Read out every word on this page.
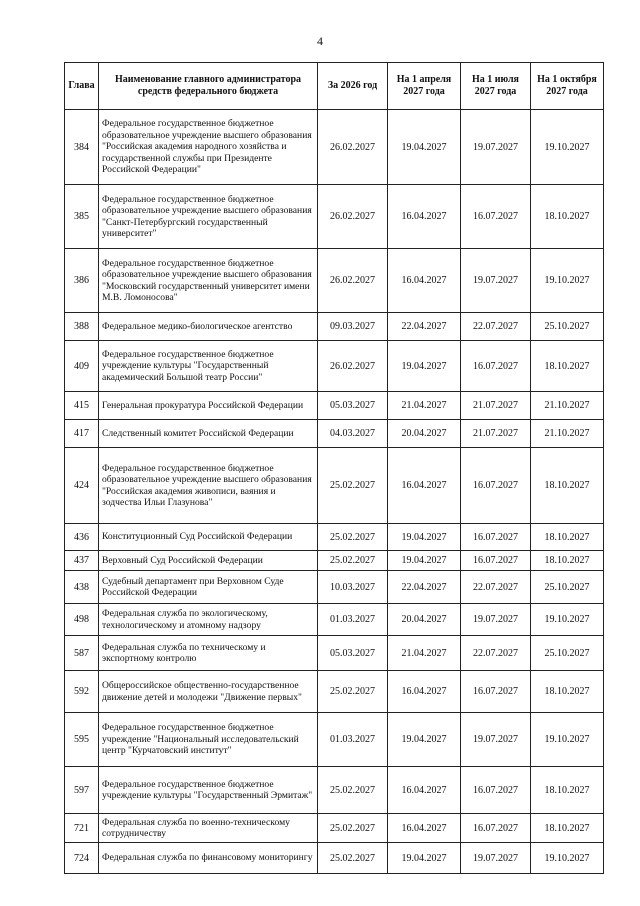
4
Глава	Наименование главного администратора средств федерального бюджета	За 2026 год	На 1 апреля 2027 года	На 1 июля 2027 года	На 1 октября 2027 года
384	Федеральное государственное бюджетное образовательное учреждение высшего образования "Российская академия народного хозяйства и государственной службы при Президенте Российской Федерации"	26.02.2027	19.04.2027	19.07.2027	19.10.2027
385	Федеральное государственное бюджетное образовательное учреждение высшего образования "Санкт-Петербургский государственный университет"	26.02.2027	16.04.2027	16.07.2027	18.10.2027
386	Федеральное государственное бюджетное образовательное учреждение высшего образования "Московский государственный университет имени М.В. Ломоносова"	26.02.2027	16.04.2027	19.07.2027	19.10.2027
388	Федеральное медико-биологическое агентство	09.03.2027	22.04.2027	22.07.2027	25.10.2027
409	Федеральное государственное бюджетное учреждение культуры "Государственный академический Большой театр России"	26.02.2027	19.04.2027	16.07.2027	18.10.2027
415	Генеральная прокуратура Российской Федерации	05.03.2027	21.04.2027	21.07.2027	21.10.2027
417	Следственный комитет Российской Федерации	04.03.2027	20.04.2027	21.07.2027	21.10.2027
424	Федеральное государственное бюджетное образовательное учреждение высшего образования "Российская академия живописи, ваяния и зодчества Ильи Глазунова"	25.02.2027	16.04.2027	16.07.2027	18.10.2027
436	Конституционный Суд Российской Федерации	25.02.2027	19.04.2027	16.07.2027	18.10.2027
437	Верховный Суд Российской Федерации	25.02.2027	19.04.2027	16.07.2027	18.10.2027
438	Судебный департамент при Верховном Суде Российской Федерации	10.03.2027	22.04.2027	22.07.2027	25.10.2027
498	Федеральная служба по экологическому, технологическому и атомному надзору	01.03.2027	20.04.2027	19.07.2027	19.10.2027
587	Федеральная служба по техническому и экспортному контролю	05.03.2027	21.04.2027	22.07.2027	25.10.2027
592	Общероссийское общественно-государственное движение детей и молодежи "Движение первых"	25.02.2027	16.04.2027	16.07.2027	18.10.2027
595	Федеральное государственное бюджетное учреждение "Национальный исследовательский центр "Курчатовский институт"	01.03.2027	19.04.2027	19.07.2027	19.10.2027
597	Федеральное государственное бюджетное учреждение культуры "Государственный Эрмитаж"	25.02.2027	16.04.2027	16.07.2027	18.10.2027
721	Федеральная служба по военно-техническому сотрудничеству	25.02.2027	16.04.2027	16.07.2027	18.10.2027
724	Федеральная служба по финансовому мониторингу	25.02.2027	19.04.2027	19.07.2027	19.10.2027
